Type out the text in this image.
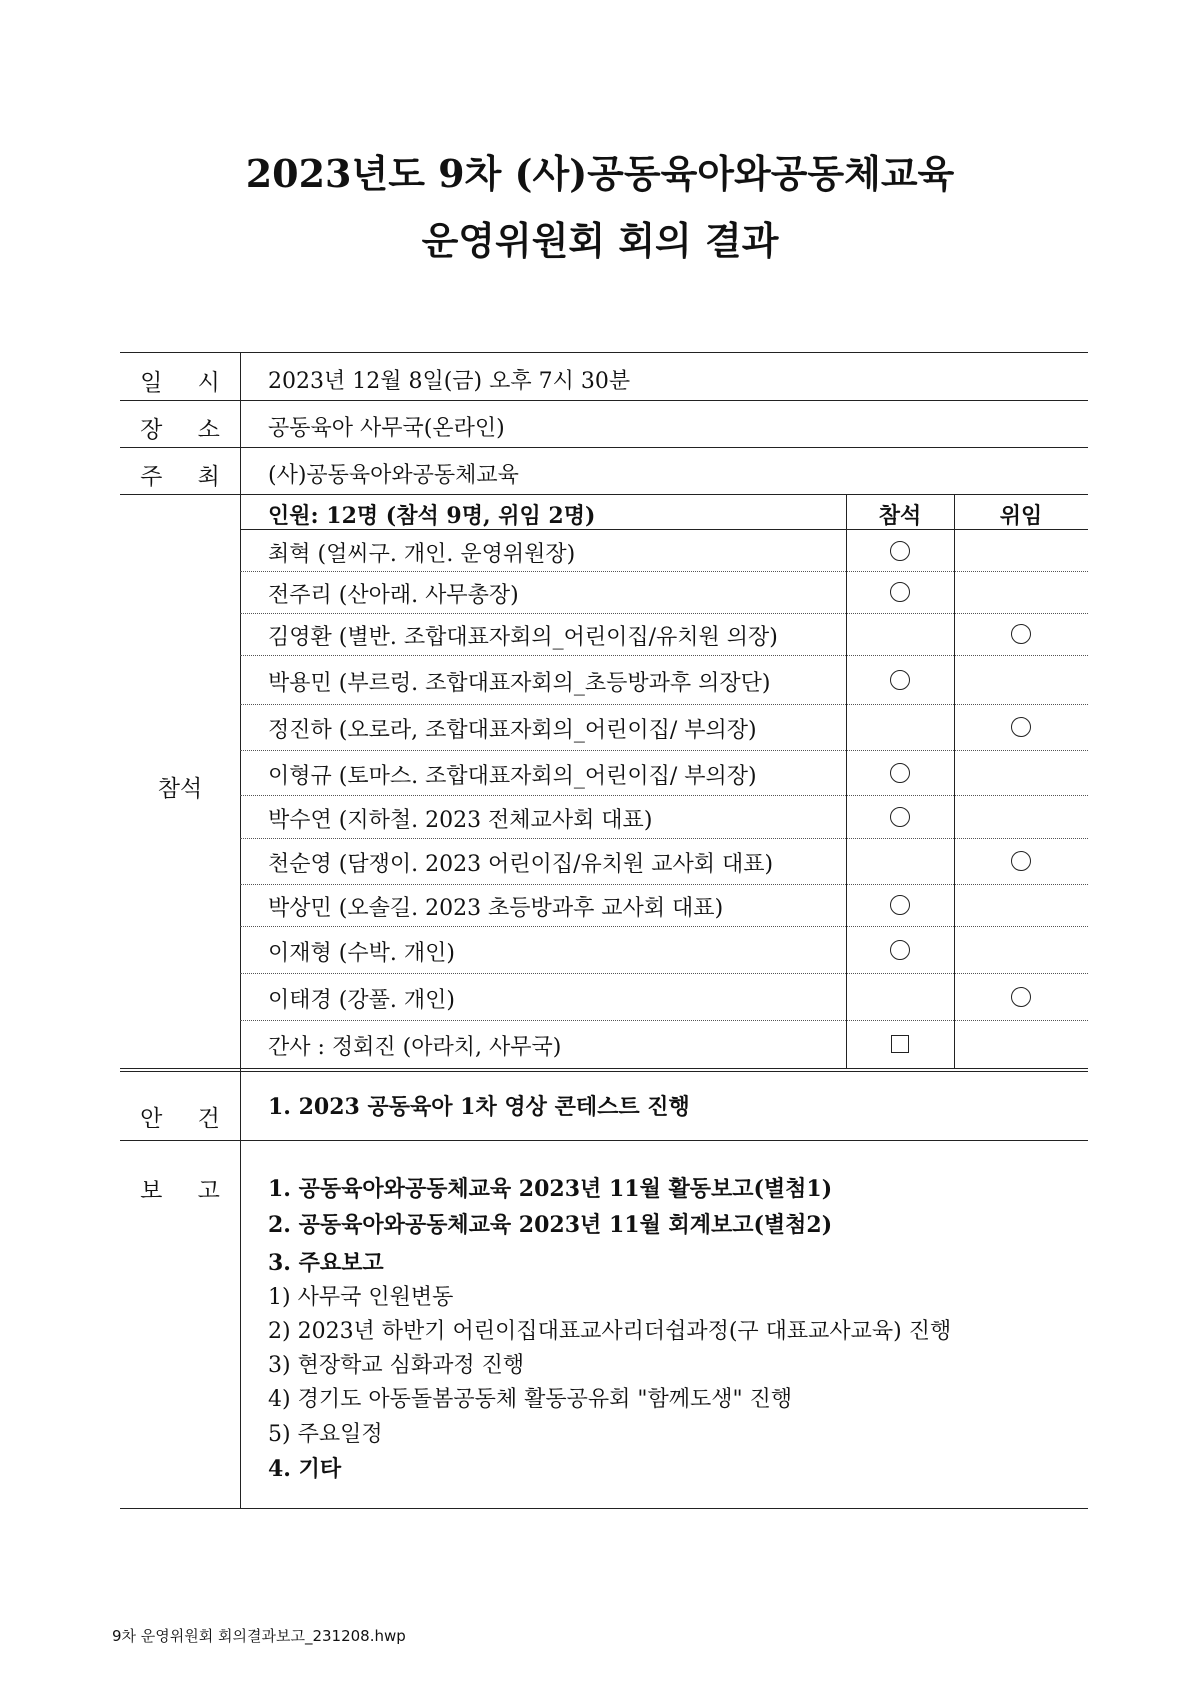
2023년도 9차 (사)공동육아와공동체교육
운영위원회 회의 결과
일 시 2023년 12월 8일(금) 오후 7시 30분
장 소 공동육아 사무국(온라인)
주 최 (사)공동육아와공동체교육
참석
인원: 12명 (참석 9명, 위임 2명)	참석	위임
최혁 (얼씨구. 개인. 운영위원장)
전주리 (산아래. 사무총장)
김영환 (별반. 조합대표자회의_어린이집/유치원 의장)
박용민 (부르렁. 조합대표자회의_초등방과후 의장단)
정진하 (오로라, 조합대표자회의_어린이집/ 부의장)
이형규 (토마스. 조합대표자회의_어린이집/ 부의장)
박수연 (지하철. 2023 전체교사회 대표)
천순영 (담쟁이. 2023 어린이집/유치원 교사회 대표)
박상민 (오솔길. 2023 초등방과후 교사회 대표)
이재형 (수박. 개인)
이태경 (강풀. 개인)
간사 : 정회진 (아라치, 사무국)
안 건 1. 2023 공동육아 1차 영상 콘테스트 진행
보 고 1. 공동육아와공동체교육 2023년 11월 활동보고(별첨1)
2. 공동육아와공동체교육 2023년 11월 회계보고(별첨2)
3. 주요보고
1) 사무국 인원변동
2) 2023년 하반기 어린이집대표교사리더쉽과정(구 대표교사교육) 진행
3) 현장학교 심화과정 진행
4) 경기도 아동돌봄공동체 활동공유회 "함께도생" 진행
5) 주요일정
4. 기타
9차 운영위원회 회의결과보고_231208.hwp
